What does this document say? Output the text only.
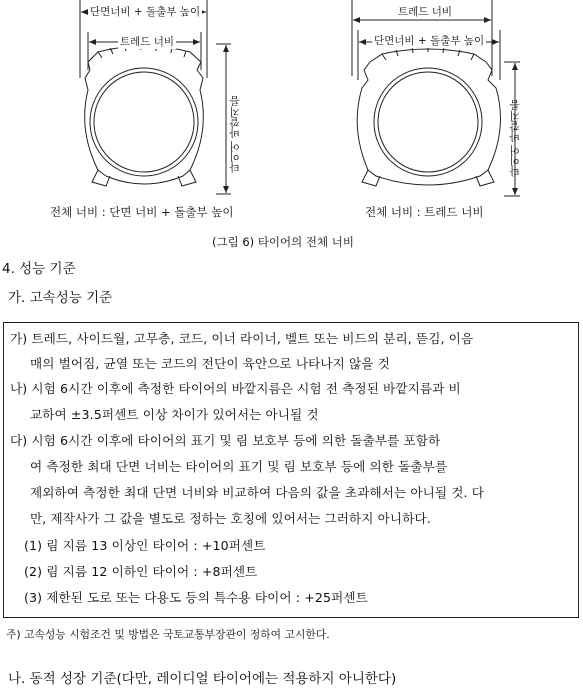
단면너비 + 돌출부 높이
트레드 너비
타이어 바깥지름
전체 너비 : 단면 너비 + 돌출부 높이
트레드 너비
단면너비 + 돌출부 높이
타이어 바깥지름
전체 너비 : 트레드 너비
(그림 6) 타이어의 전체 너비
4. 성능 기준
가. 고속성능 기준
가) 트레드, 사이드월, 고무층, 코드, 이너 라이너, 벨트 또는 비드의 분리, 뜯김, 이음
매의 벌어짐, 균열 또는 코드의 전단이 육안으로 나타나지 않을 것
나) 시험 6시간 이후에 측정한 타이어의 바깥지름은 시험 전 측정된 바깥지름과 비
교하여 ±3.5퍼센트 이상 차이가 있어서는 아니될 것
다) 시험 6시간 이후에 타이어의 표기 및 림 보호부 등에 의한 돌출부를 포함하
여 측정한 최대 단면 너비는 타이어의 표기 및 림 보호부 등에 의한 돌출부를
제외하여 측정한 최대 단면 너비와 비교하여 다음의 값을 초과해서는 아니될 것. 다
만, 제작사가 그 값을 별도로 정하는 호칭에 있어서는 그러하지 아니하다.
(1) 림 지름 13 이상인 타이어 : +10퍼센트
(2) 림 지름 12 이하인 타이어 : +8퍼센트
(3) 제한된 도로 또는 다용도 등의 특수용 타이어 : +25퍼센트
주) 고속성능 시험조건 및 방법은 국토교통부장관이 정하여 고시한다.
나. 동적 성장 기준(다만, 레이디얼 타이어에는 적용하지 아니한다)
